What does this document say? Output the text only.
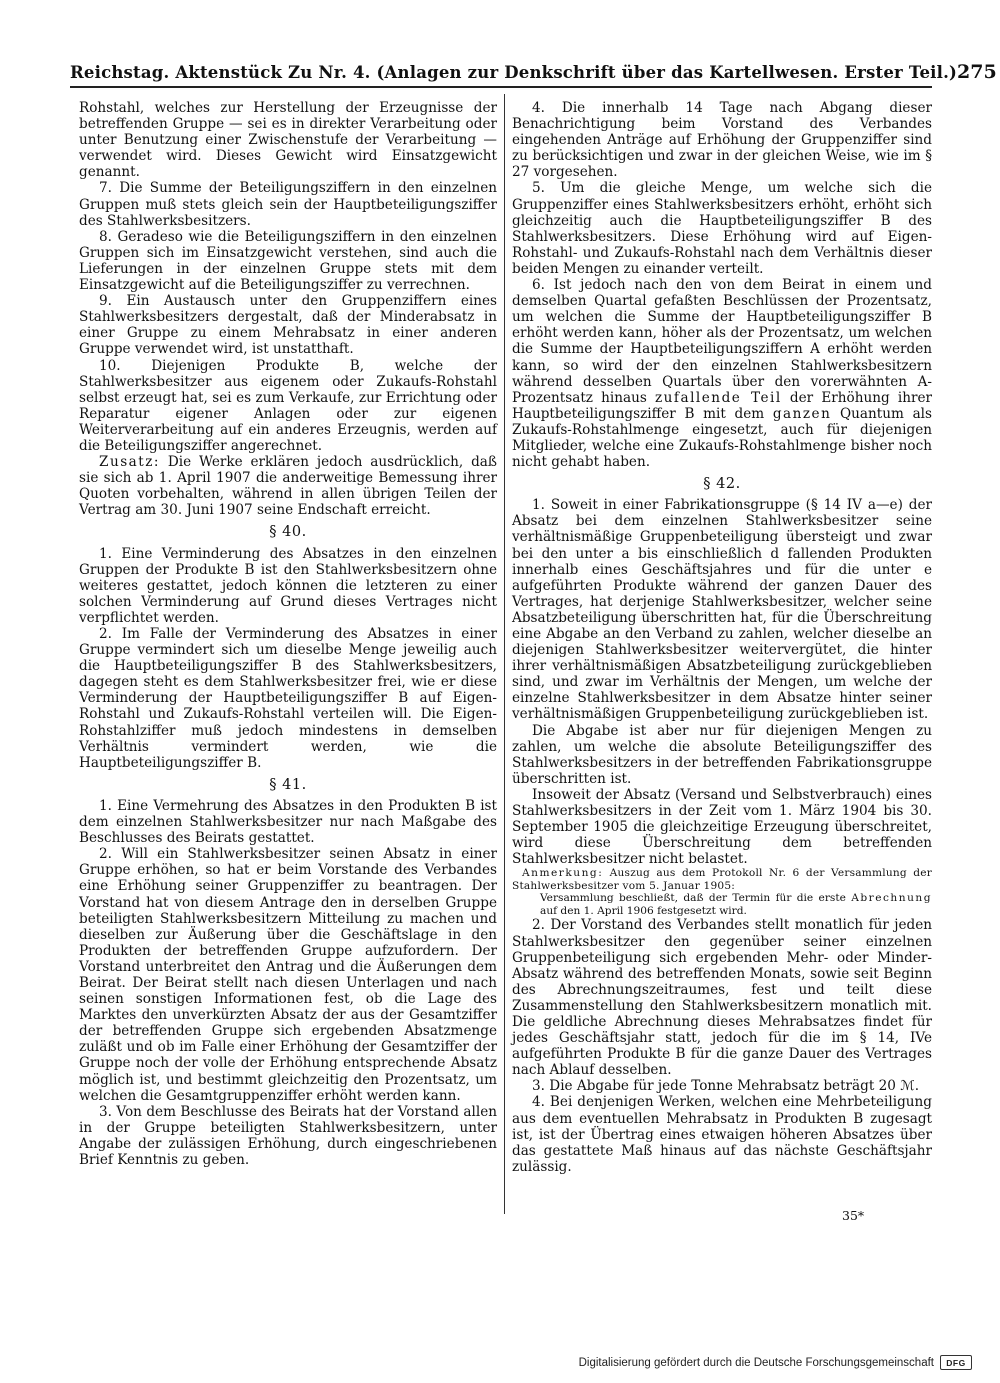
Reichstag. Aktenstück Zu Nr. 4. (Anlagen zur Denkschrift über das Kartellwesen. Erster Teil.) 275

Rohstahl, welches zur Herstellung der Erzeugnisse der betreffenden Gruppe — sei es in direkter Verarbeitung oder unter Benutzung einer Zwischenstufe der Verarbeitung — verwendet wird. Dieses Gewicht wird Einsatzgewicht genannt.

7. Die Summe der Beteiligungsziffern in den einzelnen Gruppen muß stets gleich sein der Hauptbeteiligungsziffer des Stahlwerksbesitzers.

8. Geradeso wie die Beteiligungsziffern in den einzelnen Gruppen sich im Einsatzgewicht verstehen, sind auch die Lieferungen in der einzelnen Gruppe stets mit dem Einsatzgewicht auf die Beteiligungsziffer zu verrechnen.

9. Ein Austausch unter den Gruppenziffern eines Stahlwerksbesitzers dergestalt, daß der Minderabsatz in einer Gruppe zu einem Mehrabsatz in einer anderen Gruppe verwendet wird, ist unstatthaft.

10. Diejenigen Produkte B, welche der Stahlwerksbesitzer aus eigenem oder Zukaufs-Rohstahl selbst erzeugt hat, sei es zum Verkaufe, zur Errichtung oder Reparatur eigener Anlagen oder zur eigenen Weiterverarbeitung auf ein anderes Erzeugnis, werden auf die Beteiligungsziffer angerechnet.

Zusatz: Die Werke erklären jedoch ausdrücklich, daß sie sich ab 1. April 1907 die anderweitige Bemessung ihrer Quoten vorbehalten, während in allen übrigen Teilen der Vertrag am 30. Juni 1907 seine Endschaft erreicht.

§ 40.

1. Eine Verminderung des Absatzes in den einzelnen Gruppen der Produkte B ist den Stahlwerksbesitzern ohne weiteres gestattet, jedoch können die letzteren zu einer solchen Verminderung auf Grund dieses Vertrages nicht verpflichtet werden.

2. Im Falle der Verminderung des Absatzes in einer Gruppe vermindert sich um dieselbe Menge jeweilig auch die Hauptbeteiligungsziffer B des Stahlwerksbesitzers, dagegen steht es dem Stahlwerksbesitzer frei, wie er diese Verminderung der Hauptbeteiligungsziffer B auf Eigen-Rohstahl und Zukaufs-Rohstahl verteilen will. Die Eigen-Rohstahlziffer muß jedoch mindestens in demselben Verhältnis vermindert werden, wie die Hauptbeteiligungsziffer B.

§ 41.

1. Eine Vermehrung des Absatzes in den Produkten B ist dem einzelnen Stahlwerksbesitzer nur nach Maßgabe des Beschlusses des Beirats gestattet.

2. Will ein Stahlwerksbesitzer seinen Absatz in einer Gruppe erhöhen, so hat er beim Vorstande des Verbandes eine Erhöhung seiner Gruppenziffer zu beantragen. Der Vorstand hat von diesem Antrage den in derselben Gruppe beteiligten Stahlwerksbesitzern Mitteilung zu machen und dieselben zur Äußerung über die Geschäftslage in den Produkten der betreffenden Gruppe aufzufordern. Der Vorstand unterbreitet den Antrag und die Äußerungen dem Beirat. Der Beirat stellt nach diesen Unterlagen und nach seinen sonstigen Informationen fest, ob die Lage des Marktes den unverkürzten Absatz der aus der Gesamtziffer der betreffenden Gruppe sich ergebenden Absatzmenge zuläßt und ob im Falle einer Erhöhung der Gesamtziffer der Gruppe noch der volle der Erhöhung entsprechende Absatz möglich ist, und bestimmt gleichzeitig den Prozentsatz, um welchen die Gesamtgruppenziffer erhöht werden kann.

3. Von dem Beschlusse des Beirats hat der Vorstand allen in der Gruppe beteiligten Stahlwerksbesitzern, unter Angabe der zulässigen Erhöhung, durch eingeschriebenen Brief Kenntnis zu geben.

4. Die innerhalb 14 Tage nach Abgang dieser Benachrichtigung beim Vorstand des Verbandes eingehenden Anträge auf Erhöhung der Gruppenziffer sind zu berücksichtigen und zwar in der gleichen Weise, wie im § 27 vorgesehen.

5. Um die gleiche Menge, um welche sich die Gruppenziffer eines Stahlwerksbesitzers erhöht, erhöht sich gleichzeitig auch die Hauptbeteiligungsziffer B des Stahlwerksbesitzers. Diese Erhöhung wird auf Eigen-Rohstahl- und Zukaufs-Rohstahl nach dem Verhältnis dieser beiden Mengen zu einander verteilt.

6. Ist jedoch nach den von dem Beirat in einem und demselben Quartal gefaßten Beschlüssen der Prozentsatz, um welchen die Summe der Hauptbeteiligungsziffer B erhöht werden kann, höher als der Prozentsatz, um welchen die Summe der Hauptbeteiligungsziffern A erhöht werden kann, so wird der den einzelnen Stahlwerksbesitzern während desselben Quartals über den vorerwähnten A-Prozentsatz hinaus zufallende Teil der Erhöhung ihrer Hauptbeteiligungsziffer B mit dem ganzen Quantum als Zukaufs-Rohstahlmenge eingesetzt, auch für diejenigen Mitglieder, welche eine Zukaufs-Rohstahlmenge bisher noch nicht gehabt haben.

§ 42.

1. Soweit in einer Fabrikationsgruppe (§ 14 IV a—e) der Absatz bei dem einzelnen Stahlwerksbesitzer seine verhältnismäßige Gruppenbeteiligung übersteigt und zwar bei den unter a bis einschließlich d fallenden Produkten innerhalb eines Geschäftsjahres und für die unter e aufgeführten Produkte während der ganzen Dauer des Vertrages, hat derjenige Stahlwerksbesitzer, welcher seine Absatzbeteiligung überschritten hat, für die Überschreitung eine Abgabe an den Verband zu zahlen, welcher dieselbe an diejenigen Stahlwerksbesitzer weitervergütet, die hinter ihrer verhältnismäßigen Absatzbeteiligung zurückgeblieben sind, und zwar im Verhältnis der Mengen, um welche der einzelne Stahlwerksbesitzer in dem Absatze hinter seiner verhältnismäßigen Gruppenbeteiligung zurückgeblieben ist.

Die Abgabe ist aber nur für diejenigen Mengen zu zahlen, um welche die absolute Beteiligungsziffer des Stahlwerksbesitzers in der betreffenden Fabrikationsgruppe überschritten ist.

Insoweit der Absatz (Versand und Selbstverbrauch) eines Stahlwerksbesitzers in der Zeit vom 1. März 1904 bis 30. September 1905 die gleichzeitige Erzeugung überschreitet, wird diese Überschreitung dem betreffenden Stahlwerksbesitzer nicht belastet.

Anmerkung: Auszug aus dem Protokoll Nr. 6 der Versammlung der Stahlwerksbesitzer vom 5. Januar 1905:

Versammlung beschließt, daß der Termin für die erste Abrechnung auf den 1. April 1906 festgesetzt wird.

2. Der Vorstand des Verbandes stellt monatlich für jeden Stahlwerksbesitzer den gegenüber seiner einzelnen Gruppenbeteiligung sich ergebenden Mehr- oder Minder-Absatz während des betreffenden Monats, sowie seit Beginn des Abrechnungszeitraumes, fest und teilt diese Zusammenstellung den Stahlwerksbesitzern monatlich mit. Die geldliche Abrechnung dieses Mehrabsatzes findet für jedes Geschäftsjahr statt, jedoch für die im § 14, IVe aufgeführten Produkte B für die ganze Dauer des Vertrages nach Ablauf desselben.

3. Die Abgabe für jede Tonne Mehrabsatz beträgt 20 ℳ.

4. Bei denjenigen Werken, welchen eine Mehrbeteiligung aus dem eventuellen Mehrabsatz in Produkten B zugesagt ist, ist der Übertrag eines etwaigen höheren Absatzes über das gestattete Maß hinaus auf das nächste Geschäftsjahr zulässig.

35*
Digitalisierung gefördert durch die Deutsche Forschungsgemeinschaft	DFG
